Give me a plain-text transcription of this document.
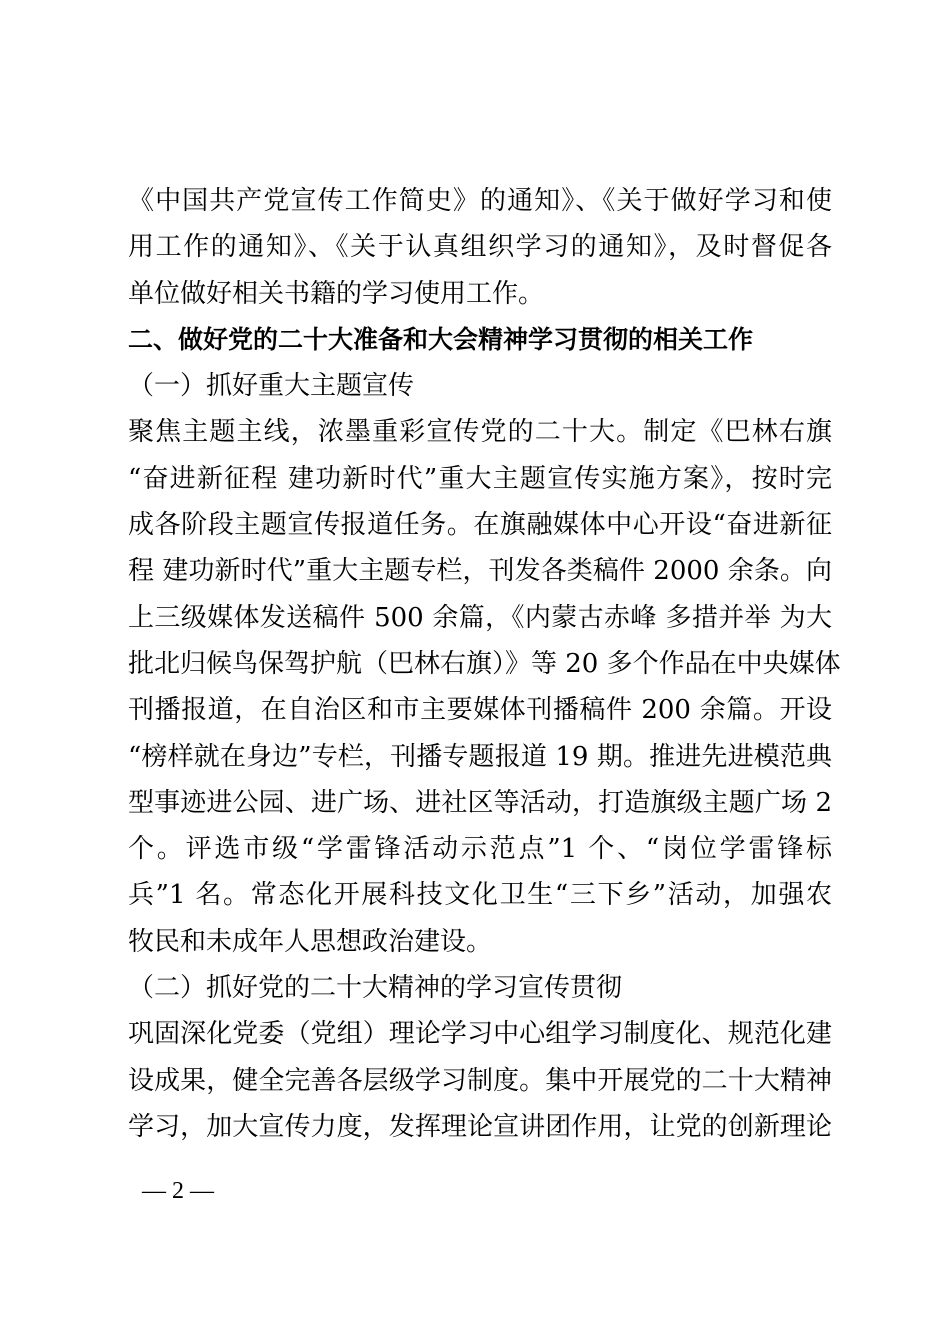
《中国共产党宣传工作简史》的通知》、《关于做好学习和使
用工作的通知》、《关于认真组织学习的通知》，及时督促各
单位做好相关书籍的学习使用工作。
二、做好党的二十大准备和大会精神学习贯彻的相关工作
（一）抓好重大主题宣传
聚焦主题主线，浓墨重彩宣传党的二十大。制定《巴林右旗
“奋进新征程 建功新时代”重大主题宣传实施方案》，按时完
成各阶段主题宣传报道任务。在旗融媒体中心开设“奋进新征
程 建功新时代”重大主题专栏，刊发各类稿件 2000 余条。向
上三级媒体发送稿件 500 余篇，《内蒙古赤峰 多措并举 为大
批北归候鸟保驾护航（巴林右旗）》等 20 多个作品在中央媒体
刊播报道，在自治区和市主要媒体刊播稿件 200 余篇。开设
“榜样就在身边”专栏，刊播专题报道 19 期。推进先进模范典
型事迹进公园、进广场、进社区等活动，打造旗级主题广场 2
个。评选市级“学雷锋活动示范点”1 个、“岗位学雷锋标
兵”1 名。常态化开展科技文化卫生“三下乡”活动，加强农
牧民和未成年人思想政治建设。
（二）抓好党的二十大精神的学习宣传贯彻
巩固深化党委（党组）理论学习中心组学习制度化、规范化建
设成果，健全完善各层级学习制度。集中开展党的二十大精神
学习，加大宣传力度，发挥理论宣讲团作用，让党的创新理论
— 2 —
